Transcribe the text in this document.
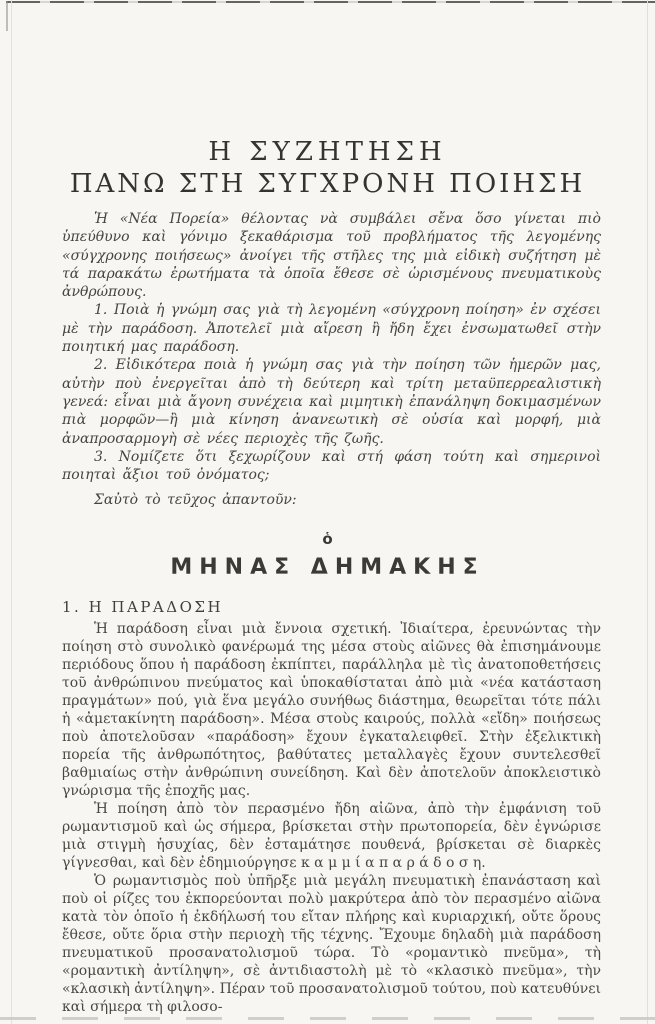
Η ΣΥΖΗΤΗΣΗ
ΠΑΝΩ ΣΤΗ ΣΥΓΧΡΟΝΗ ΠΟΙΗΣΗ

Ἡ «Νέα Πορεία» θέλοντας νὰ συμβάλει σἔνα ὅσο γίνεται πιὸ ὑπεύθυνο καὶ γόνιμο ξεκαθάρισμα τοῦ προβλήματος τῆς λεγομένης «σύγχρονης ποιήσεως» ἀνοίγει τῆς στῆλες της μιὰ εἰδικὴ συζήτηση μὲ τά παρακάτω ἐρωτήματα τὰ ὁποῖα ἔθεσε σὲ ὡρισμένους πνευματικοὺς ἀνθρώπους.

1. Ποιὰ ἡ γνώμη σας γιὰ τὴ λεγομένη «σύγχρονη ποίηση» ἐν σχέσει μὲ τὴν παράδοση. Ἀποτελεῖ μιὰ αἴρεση ἢ ἤδη ἔχει ἐνσωματωθεῖ στὴν ποιητική μας παράδοση.

2. Εἰδικότερα ποιὰ ἡ γνώμη σας γιὰ τὴν ποίηση τῶν ἡμερῶν μας, αὐτὴν ποὺ ἐνεργεῖται ἀπὸ τὴ δεύτερη καὶ τρίτη μεταϋπερρεαλιστικὴ γενεά: εἶναι μιὰ ἄγονη συνέχεια καὶ μιμητικὴ ἐπανάληψη δοκιμασμένων πιὰ μορφῶν—ἢ μιὰ κίνηση ἀνανεωτικὴ σὲ οὐσία καὶ μορφή, μιὰ ἀναπροσαρμογὴ σὲ νέες περιοχὲς τῆς ζωῆς.

3. Νομίζετε ὅτι ξεχωρίζουν καὶ στή φάση τούτη καὶ σημερινοὶ ποιηταὶ ἄξιοι τοῦ ὀνόματος;

Σαὐτὸ τὸ τεῦχος ἀπαντοῦν:

ὁ
ΜΗΝΑΣ ΔΗΜΑΚΗΣ
1. Η ΠΑΡΑΔΟΣΗ

Ἡ παράδοση εἶναι μιὰ ἔννοια σχετική. Ἰδιαίτερα, ἐρευνώντας τὴν ποίηση στὸ συνολικὸ φανέρωμά της μέσα στοὺς αἰῶνες θὰ ἐπισημάνουμε περιόδους ὅπου ἡ παράδοση ἐκπίπτει, παράλληλα μὲ τὶς ἀνατοποθετήσεις τοῦ ἀνθρώπινου πνεύματος καὶ ὑποκαθίσταται ἀπὸ μιὰ «νέα κατάσταση πραγμάτων» πού, γιὰ ἕνα μεγάλο συνήθως διάστημα, θεωρεῖται τότε πάλι ἡ «ἀμετακίνητη παράδοση». Μέσα στοὺς καιρούς, πολλὰ «εἴδη» ποιήσεως ποὺ ἀποτελοῦσαν «παράδοση» ἔχουν ἐγκαταλειφθεῖ. Στὴν ἐξελικτικὴ πορεία τῆς ἀνθρωπότητος, βαθύτατες μεταλλαγὲς ἔχουν συντελεσθεῖ βαθμιαίως στὴν ἀνθρώπινη συνείδηση. Καὶ δὲν ἀποτελοῦν ἀποκλειστικὸ γνώρισμα τῆς ἐποχῆς μας.

Ἡ ποίηση ἀπὸ τὸν περασμένο ἤδη αἰῶνα, ἀπὸ τὴν ἐμφάνιση τοῦ ρωμαντισμοῦ καὶ ὡς σήμερα, βρίσκεται στὴν πρωτοπορεία, δὲν ἐγνώρισε μιὰ στιγμὴ ἡσυχίας, δὲν ἐσταμάτησε πουθενά, βρίσκεται σὲ διαρκὲς γίγνεσθαι, καὶ δὲν ἐδημιούργησε κ α μ μ ί α π α ρ ά δ ο σ η.

Ὁ ρωμαντισμὸς ποὺ ὑπῆρξε μιὰ μεγάλη πνευματικὴ ἐπανάσταση καὶ ποὺ οἱ ρίζες του ἐκπορεύονται πολὺ μακρύτερα ἀπὸ τὸν περασμένο αἰῶνα κατὰ τὸν ὁποῖο ἡ ἐκδήλωσή του εἴταν πλήρης καὶ κυριαρχική, οὔτε ὅρους ἔθεσε, οὔτε ὅρια στὴν περιοχὴ τῆς τέχνης. Ἔχουμε δηλαδὴ μιὰ παράδοση πνευματικοῦ προσανατολισμοῦ τώρα. Τὸ «ρομαντικὸ πνεῦμα», τὴ «ρομαντικὴ ἀντίληψη», σὲ ἀντιδιαστολὴ μὲ τὸ «κλασικὸ πνεῦμα», τὴν «κλασικὴ ἀντίληψη». Πέραν τοῦ προσανατολισμοῦ τούτου, ποὺ κατευθύνει καὶ σήμερα τὴ φιλοσο-
